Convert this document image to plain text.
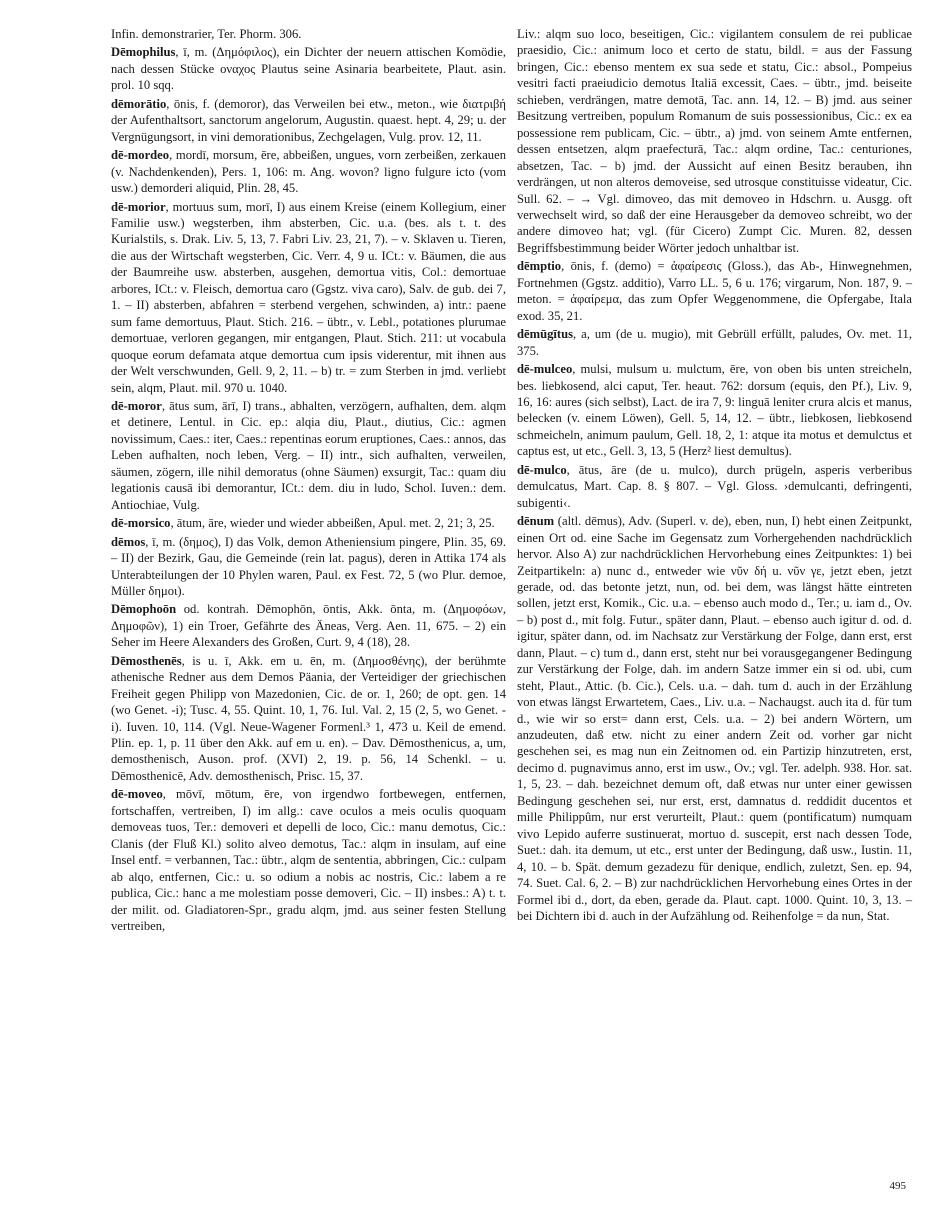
Infin. demonstrarier, Ter. Phorm. 306.

Dēmophilus, ī, m. (Δημόφιλος), ein Dichter der neuern attischen Komödie, nach dessen Stücke οναχος Plautus seine Asinaria bearbeitete, Plaut. asin. prol. 10 sqq.

dēmorātio, ōnis, f. (demoror), das Verweilen bei etw., meton., wie διατριβή der Aufenthaltsort, sanctorum angelorum, Augustin. quaest. hept. 4, 29; u. der Vergnügungsort, in vini demorationibus, Zechgelagen, Vulg. prov. 12, 11.

dē-mordeo, mordī, morsum, ēre, abbeißen, ungues, vorn zerbeißen, zerkauen (v. Nachdenkenden), Pers. 1, 106: m. Ang. wovon? ligno fulgure icto (vom usw.) demorderi aliquid, Plin. 28, 45.

dē-morior, mortuus sum, morī, I) aus einem Kreise (einem Kollegium, einer Familie usw.) wegsterben, ihm absterben, Cic. u.a. (bes. als t. t. des Kurialstils, s. Drak. Liv. 5, 13, 7. Fabri Liv. 23, 21, 7). – v. Sklaven u. Tieren, die aus der Wirtschaft wegsterben, Cic. Verr. 4, 9 u. ICt.: v. Bäumen, die aus der Baumreihe usw. absterben, ausgehen, demortua vitis, Col.: demortuae arbores, ICt.: v. Fleisch, demortua caro (Ggstz. viva caro), Salv. de gub. dei 7, 1. – II) absterben, abfahren = sterbend vergehen, schwinden, a) intr.: paene sum fame demortuus, Plaut. Stich. 216. – übtr., v. Lebl., potationes plurumae demortuae, verloren gegangen, mir entgangen, Plaut. Stich. 211: ut vocabula quoque eorum defamata atque demortua cum ipsis viderentur, mit ihnen aus der Welt verschwunden, Gell. 9, 2, 11. – b) tr. = zum Sterben in jmd. verliebt sein, alqm, Plaut. mil. 970 u. 1040.

dē-moror, ātus sum, ārī, I) trans., abhalten, verzögern, aufhalten, dem. alqm et detinere, Lentul. in Cic. ep.: alqia diu, Plaut., diutius, Cic.: agmen novissimum, Caes.: iter, Caes.: repentinas eorum eruptiones, Caes.: annos, das Leben aufhalten, noch leben, Verg. – II) intr., sich aufhalten, verweilen, säumen, zögern, ille nihil demoratus (ohne Säumen) exsurgit, Tac.: quam diu legationis causā ibi demorantur, ICt.: dem. diu in ludo, Schol. Iuven.: dem. Antiochiae, Vulg.

dē-morsico, ātum, āre, wieder und wieder abbeißen, Apul. met. 2, 21; 3, 25.

dēmos, ī, m. (δημος), I) das Volk, demon Atheniensium pingere, Plin. 35, 69. – II) der Bezirk, Gau, die Gemeinde (rein lat. pagus), deren in Attika 174 als Unterabteilungen der 10 Phylen waren, Paul. ex Fest. 72, 5 (wo Plur. demoe, Müller δημοι).

Dēmophoōn od. kontrah. Dēmophōn, ōntis, Akk. ōnta, m. (Δημοφόων, Δημοφῶν), 1) ein Troer, Gefährte des Äneas, Verg. Aen. 11, 675. – 2) ein Seher im Heere Alexanders des Großen, Curt. 9, 4 (18), 28.

Dēmosthenēs, is u. ī, Akk. em u. ēn, m. (Δημοσθένης), der berühmte athenische Redner aus dem Demos Päania, der Verteidiger der griechischen Freiheit gegen Philipp von Mazedonien, Cic. de or. 1, 260; de opt. gen. 14 (wo Genet. -i); Tusc. 4, 55. Quint. 10, 1, 76. Iul. Val. 2, 15 (2, 5, wo Genet. -i). Iuven. 10, 114. (Vgl. Neue-Wagener Formenl.³ 1, 473 u. Keil de emend. Plin. ep. 1, p. 11 über den Akk. auf em u. en). – Dav. Dēmosthenicus, a, um, demosthenisch, Auson. prof. (XVI) 2, 19. p. 56, 14 Schenkl. – u. Dēmosthenicē, Adv. demosthenisch, Prisc. 15, 37.

dē-moveo, mōvī, mōtum, ēre, von irgendwo fortbewegen, entfernen, fortschaffen, vertreiben, I) im allg.: cave oculos a meis oculis quoquam demoveas tuos, Ter.: demoveri et depelli de loco, Cic.: manu demotus, Cic.: Clanis (der Fluß Kl.) solito alveo demotus, Tac.: alqm in insulam, auf eine Insel entf. = verbannen, Tac.: übtr., alqm de sententia, abbringen, Cic.: culpam ab alqo, entfernen, Cic.: u. so odium a nobis ac nostris, Cic.: labem a re publica, Cic.: hanc a me molestiam posse demoveri, Cic. – II) insbes.: A) t. t. der milit. od. Gladiatoren-Spr., gradu alqm, jmd. aus seiner festen Stellung vertreiben,

Liv.: alqm suo loco, beseitigen, Cic.: vigilantem consulem de rei publicae praesidio, Cic.: animum loco et certo de statu, bildl. = aus der Fassung bringen, Cic.: ebenso mentem ex sua sede et statu, Cic.: absol., Pompeius vesitri facti praeiudicio demotus Italiā excessit, Caes. – übtr., jmd. beiseite schieben, verdrängen, matre demotā, Tac. ann. 14, 12. – B) jmd. aus seiner Besitzung vertreiben, populum Romanum de suis possessionibus, Cic.: ex ea possessione rem publicam, Cic. – übtr., a) jmd. von seinem Amte entfernen, dessen entsetzen, alqm praefecturā, Tac.: alqm ordine, Tac.: centuriones, absetzen, Tac. – b) jmd. der Aussicht auf einen Besitz berauben, ihn verdrängen, ut non alteros demoveise, sed utrosque constituisse videatur, Cic. Sull. 62. – → Vgl. dimoveo, das mit demoveo in Hdschrn. u. Ausgg. oft verwechselt wird, so daß der eine Herausgeber da demoveo schreibt, wo der andere dimoveo hat; vgl. (für Cicero) Zumpt Cic. Muren. 82, dessen Begriffsbestimmung beider Wörter jedoch unhaltbar ist.

dēmptio, ōnis, f. (demo) = ἀφαίρεσις (Gloss.), das Ab-, Hinwegnehmen, Fortnehmen (Ggstz. additio), Varro LL. 5, 6 u. 176; virgarum, Non. 187, 9. – meton. = ἀφαίρεμα, das zum Opfer Weggenommene, die Opfergabe, Itala exod. 35, 21.

dēmūgītus, a, um (de u. mugio), mit Gebrüll erfüllt, paludes, Ov. met. 11, 375.

dē-mulceo, mulsi, mulsum u. mulctum, ēre, von oben bis unten streicheln, bes. liebkosend, alci caput, Ter. heaut. 762: dorsum (equis, den Pf.), Liv. 9, 16, 16: aures (sich selbst), Lact. de ira 7, 9: linguā leniter crura alcis et manus, belecken (v. einem Löwen), Gell. 5, 14, 12. – übtr., liebkosen, liebkosend schmeicheln, animum paulum, Gell. 18, 2, 1: atque ita motus et demulctus et captus est, ut etc., Gell. 3, 13, 5 (Herz² liest demultus).

dē-mulco, ātus, āre (de u. mulco), durch prügeln, asperis verberibus demulcatus, Mart. Cap. 8. § 807. – Vgl. Gloss. ›demulcanti, defringenti, subigenti‹.

dēnum (altl. dēmus), Adv. (Superl. v. de), eben, nun, I) hebt einen Zeitpunkt, einen Ort od. eine Sache im Gegensatz zum Vorhergehenden nachdrücklich hervor. Also A) zur nachdrücklichen Hervorhebung eines Zeitpunktes: 1) bei Zeitpartikeln: a) nunc d., entweder wie νῦν δή u. νῦν γε, jetzt eben, jetzt gerade, od. das betonte jetzt, nun, od. bei dem, was längst hätte eintreten sollen, jetzt erst, Komik., Cic. u.a. – ebenso auch modo d., Ter.; u. iam d., Ov. – b) post d., mit folg. Futur., später dann, Plaut. – ebenso auch igitur d. od. d. igitur, später dann, od. im Nachsatz zur Verstärkung der Folge, dann erst, erst dann, Plaut. – c) tum d., dann erst, steht nur bei vorausgegangener Bedingung zur Verstärkung der Folge, dah. im andern Satze immer ein si od. ubi, cum steht, Plaut., Attic. (b. Cic.), Cels. u.a. – dah. tum d. auch in der Erzählung von etwas längst Erwartetem, Caes., Liv. u.a. – Nachaugst. auch ita d. für tum d., wie wir so erst= dann erst, Cels. u.a. – 2) bei andern Wörtern, um anzudeuten, daß etw. nicht zu einer andern Zeit od. vorher gar nicht geschehen sei, es mag nun ein Zeitnomen od. ein Partizip hinzutreten, erst, decimo d. pugnavimus anno, erst im usw., Ov.; vgl. Ter. adelph. 938. Hor. sat. 1, 5, 23. – dah. bezeichnet demum oft, daß etwas nur unter einer gewissen Bedingung geschehen sei, nur erst, erst, damnatus d. reddidit ducentos et mille Philippûm, nur erst verurteilt, Plaut.: quem (pontificatum) numquam vivo Lepido auferre sustinuerat, mortuo d. suscepit, erst nach dessen Tode, Suet.: dah. ita demum, ut etc., erst unter der Bedingung, daß usw., Iustin. 11, 4, 10. – b. Spät. demum gezadezu für denique, endlich, zuletzt, Sen. ep. 94, 74. Suet. Cal. 6, 2. – B) zur nachdrücklichen Hervorhebung eines Ortes in der Formel ibi d., dort, da eben, gerade da. Plaut. capt. 1000. Quint. 10, 3, 13. – bei Dichtern ibi d. auch in der Aufzählung od. Reihenfolge = da nun, Stat.

495
